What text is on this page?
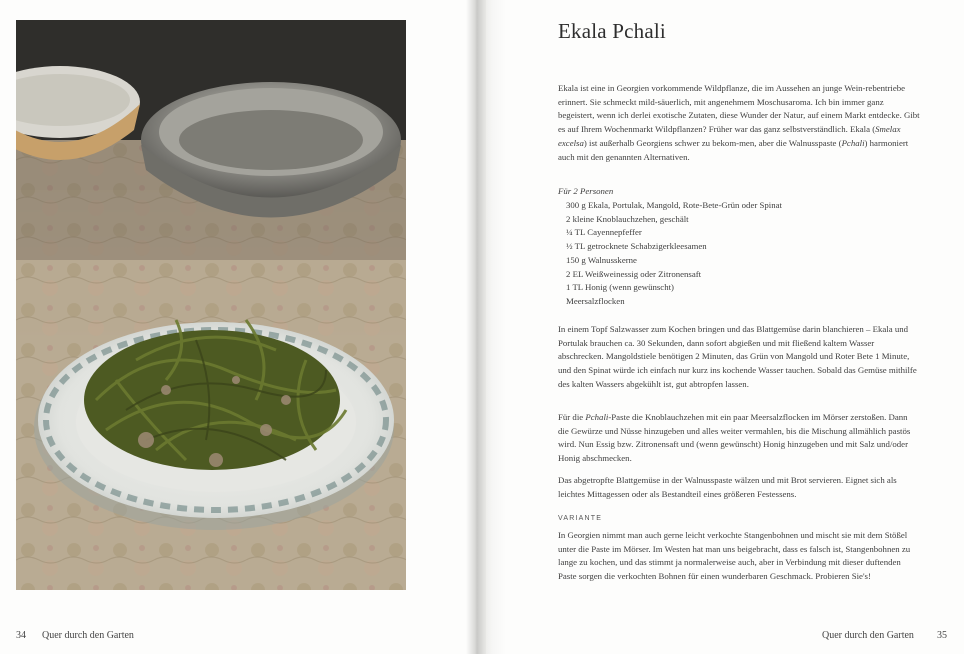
34 Quer durch den Garten
Ekala Pchali

Ekala ist eine in Georgien vorkommende Wildpflanze, die im Aussehen an junge Wein-rebentriebe erinnert. Sie schmeckt mild-säuerlich, mit angenehmem Moschusaroma. Ich bin immer ganz begeistert, wenn ich derlei exotische Zutaten, diese Wunder der Natur, auf einem Markt entdecke. Gibt es auf Ihrem Wochenmarkt Wildpflanzen? Früher war das ganz selbstverständlich. Ekala (Smelax excelsa) ist außerhalb Georgiens schwer zu bekom-men, aber die Walnusspaste (Pchali) harmoniert auch mit den genannten Alternativen.

Für 2 Personen
300 g Ekala, Portulak, Mangold, Rote-Bete-Grün oder Spinat
2 kleine Knoblauchzehen, geschält
¼ TL Cayennepfeffer
½ TL getrocknete Schabzigerkleesamen
150 g Walnusskerne
2 EL Weißweinessig oder Zitronensaft
1 TL Honig (wenn gewünscht)
Meersalzflocken

In einem Topf Salzwasser zum Kochen bringen und das Blattgemüse darin blanchieren – Ekala und Portulak brauchen ca. 30 Sekunden, dann sofort abgießen und mit fließend kaltem Wasser abschrecken. Mangoldstiele benötigen 2 Minuten, das Grün von Mangold und Roter Bete 1 Minute, und den Spinat würde ich einfach nur kurz ins kochende Wasser tauchen. Sobald das Gemüse mithilfe des kalten Wassers abgekühlt ist, gut abtropfen lassen.

Für die Pchali-Paste die Knoblauchzehen mit ein paar Meersalzflocken im Mörser zerstoßen. Dann die Gewürze und Nüsse hinzugeben und alles weiter vermahlen, bis die Mischung allmählich pastös wird. Nun Essig bzw. Zitronensaft und (wenn gewünscht) Honig hinzugeben und mit Salz und/oder Honig abschmecken.

Das abgetropfte Blattgemüse in der Walnusspaste wälzen und mit Brot servieren. Eignet sich als leichtes Mittagessen oder als Bestandteil eines größeren Festessens.

VARIANTE

In Georgien nimmt man auch gerne leicht verkochte Stangenbohnen und mischt sie mit dem Stößel unter die Paste im Mörser. Im Westen hat man uns beigebracht, dass es falsch ist, Stangenbohnen zu lange zu kochen, und das stimmt ja normalerweise auch, aber in Verbindung mit dieser duftenden Paste sorgen die verkochten Bohnen für einen wunderbaren Geschmack. Probieren Sie's!

Quer durch den Garten 35
